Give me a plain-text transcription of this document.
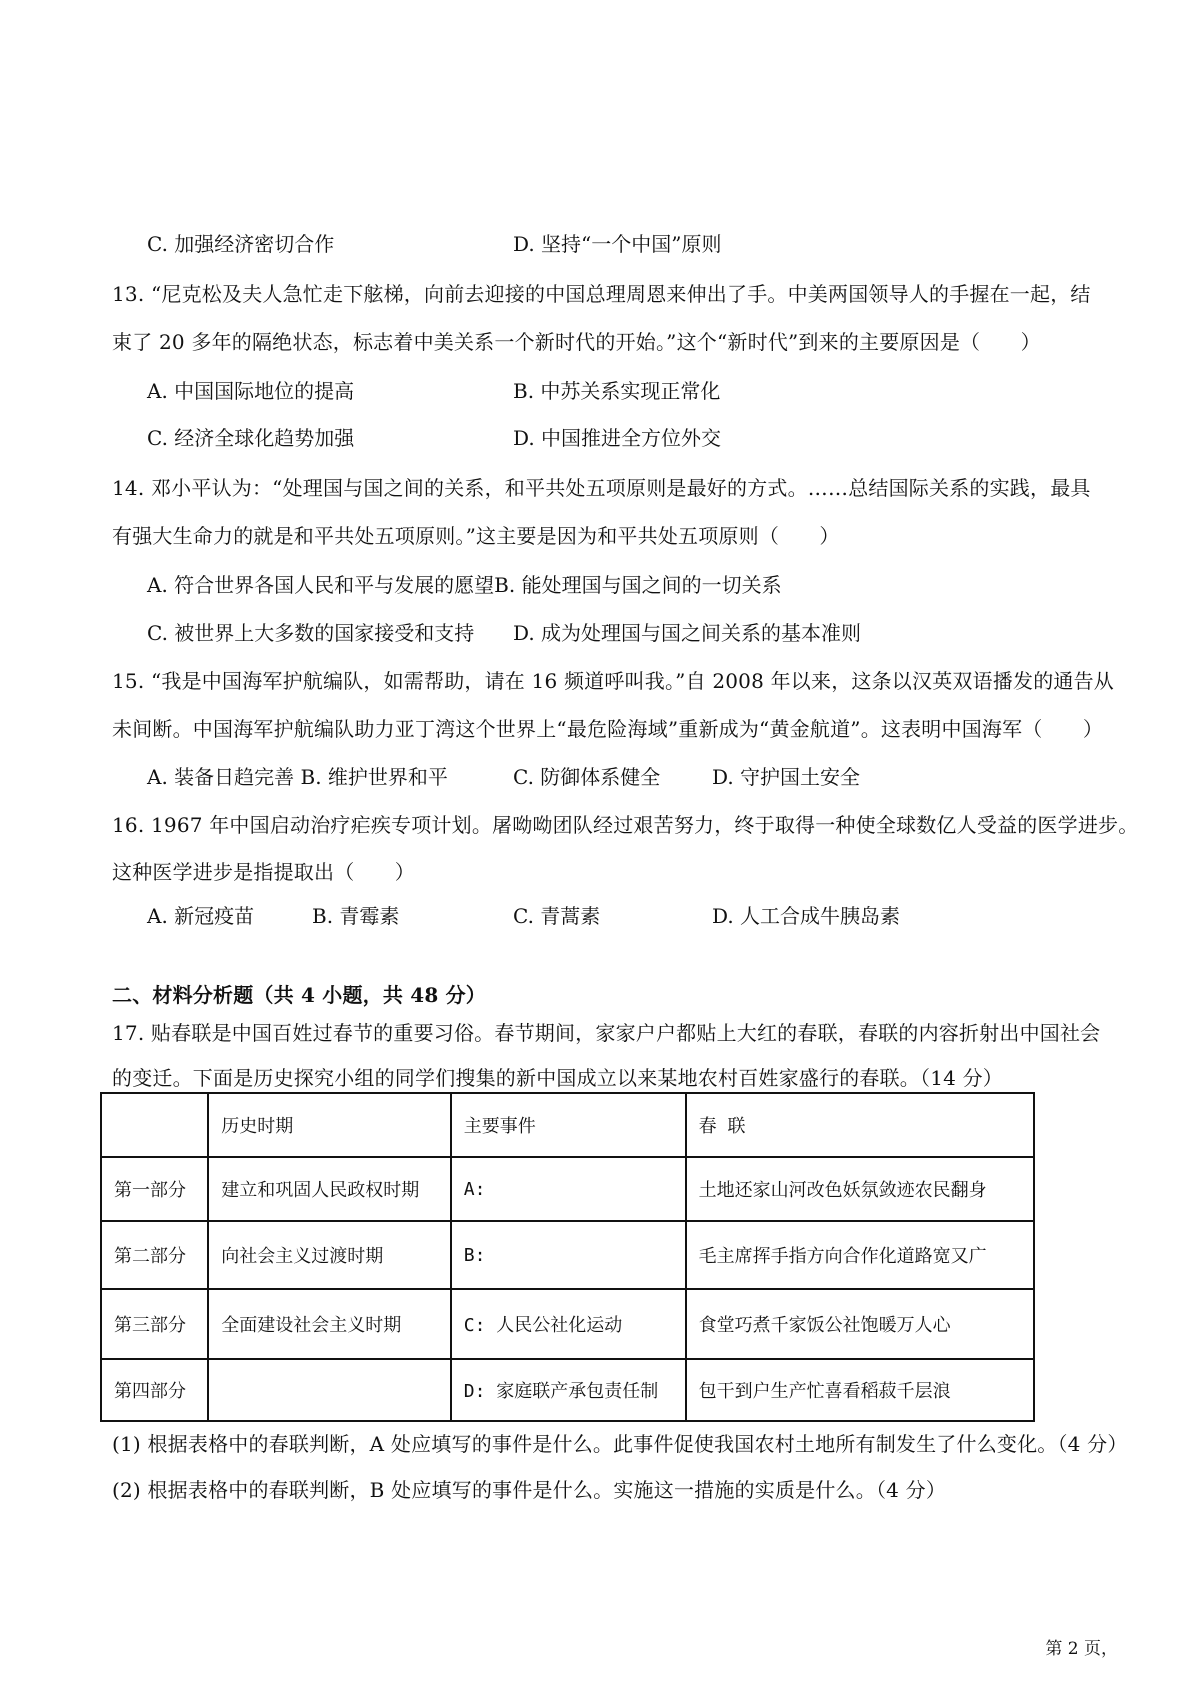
C. 加强经济密切合作	D. 坚持“一个中国”原则
13. “尼克松及夫人急忙走下舷梯，向前去迎接的中国总理周恩来伸出了手。中美两国领导人的手握在一起，结
束了 20 多年的隔绝状态，标志着中美关系一个新时代的开始。”这个“新时代”到来的主要原因是（　　）
A. 中国国际地位的提高	B. 中苏关系实现正常化
C. 经济全球化趋势加强	D. 中国推进全方位外交
14. 邓小平认为：“处理国与国之间的关系，和平共处五项原则是最好的方式。……总结国际关系的实践，最具
有强大生命力的就是和平共处五项原则。”这主要是因为和平共处五项原则（　　）
A. 符合世界各国人民和平与发展的愿望B. 能处理国与国之间的一切关系
C. 被世界上大多数的国家接受和支持 D. 成为处理国与国之间关系的基本准则
15. “我是中国海军护航编队，如需帮助，请在 16 频道呼叫我。”自 2008 年以来，这条以汉英双语播发的通告从
未间断。中国海军护航编队助力亚丁湾这个世界上“最危险海域”重新成为“黄金航道”。这表明中国海军（　　）
A. 装备日趋完善 B. 维护世界和平	C. 防御体系健全	D. 守护国土安全
16. 1967 年中国启动治疗疟疾专项计划。屠呦呦团队经过艰苦努力，终于取得一种使全球数亿人受益的医学进步。
这种医学进步是指提取出（　　）
A. 新冠疫苗	B. 青霉素	C. 青蒿素	D. 人工合成牛胰岛素
二、材料分析题（共 4 小题，共 48 分）
17. 贴春联是中国百姓过春节的重要习俗。春节期间，家家户户都贴上大红的春联，春联的内容折射出中国社会
的变迁。下面是历史探究小组的同学们搜集的新中国成立以来某地农村百姓家盛行的春联。（14 分）
	历史时期	主要事件	春 联
第一部分	建立和巩固人民政权时期	A:	土地还家山河改色妖氛敛迹农民翻身
第二部分	向社会主义过渡时期	B:	毛主席挥手指方向合作化道路宽又广
第三部分	全面建设社会主义时期	C: 人民公社化运动	食堂巧煮千家饭公社饱暖万人心
第四部分		D: 家庭联产承包责任制	包干到户生产忙喜看稻菽千层浪
(1) 根据表格中的春联判断，A 处应填写的事件是什么。此事件促使我国农村土地所有制发生了什么变化。（4 分）
(2) 根据表格中的春联判断，B 处应填写的事件是什么。实施这一措施的实质是什么。（4 分）
第 2 页，
